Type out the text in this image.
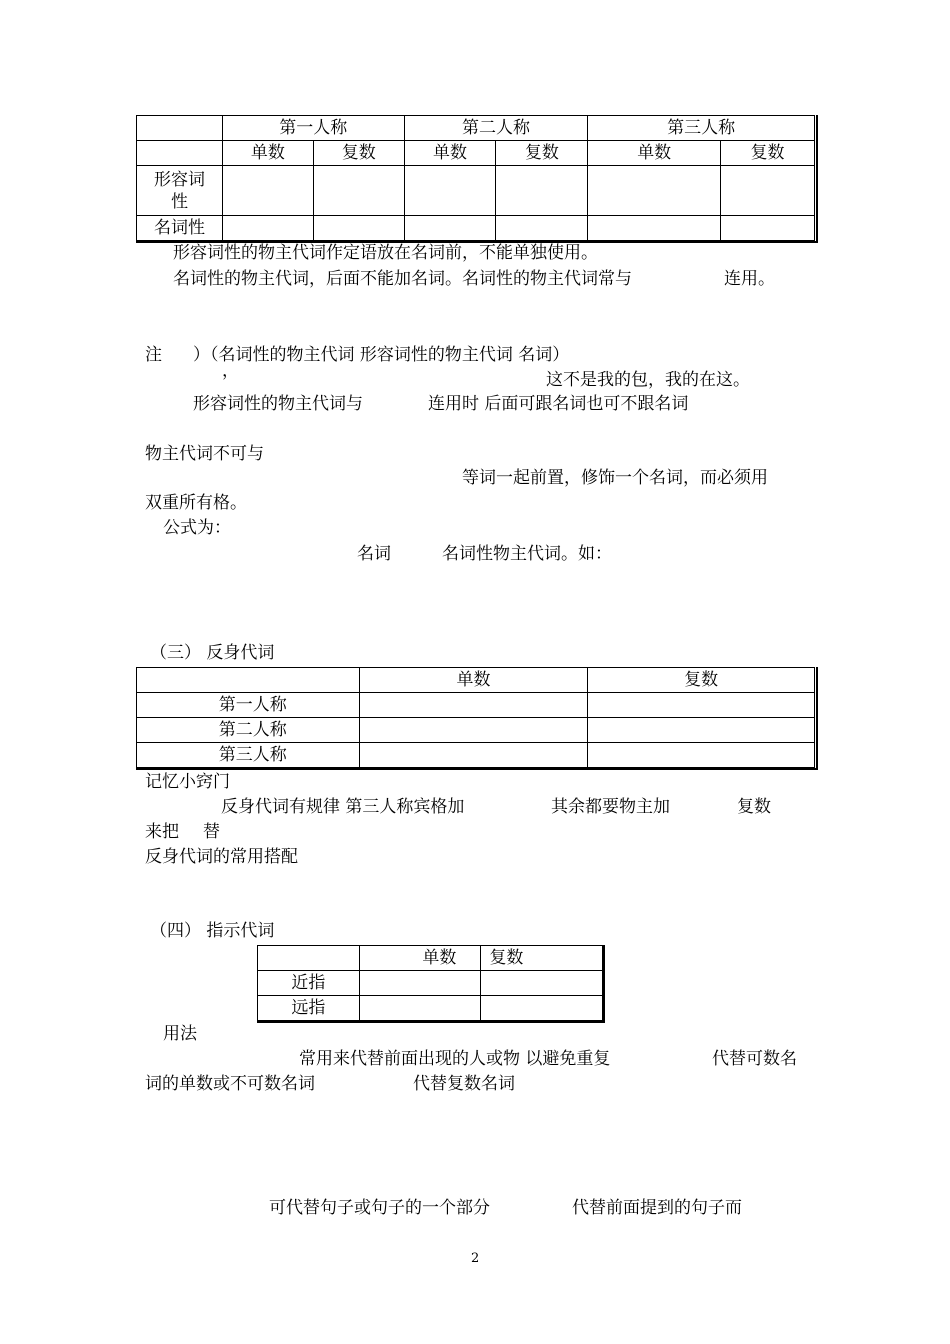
	第一人称		第二人称		第三人称	
	单数	复数	单数	复数	单数	复数

形容词性						

名词性						
形容词性的物主代词作定语放在名词前，不能单独使用。
名词性的物主代词，后面不能加名词。名词性的物主代词常与	连用。
注 ）（名词性的物主代词 形容词性的物主代词 名词）
，	这不是我的包，我的在这。
形容词性的物主代词与	连用时 后面可跟名词也可不跟名词
物主代词不可与
等词一起前置，修饰一个名词，而必须用
双重所有格。
公式为：
名词	名词性物主代词。如：
（三） 反身代词
	单数	复数
第一人称		
第二人称		
第三人称		
记忆小窍门
反身代词有规律 第三人称宾格加	其余都要物主加	复数
来把 替
反身代词的常用搭配
（四） 指示代词
	单数	复数
近指		
远指		
用法
常用来代替前面出现的人或物 以避免重复	代替可数名
词的单数或不可数名词	代替复数名词
可代替句子或句子的一个部分	代替前面提到的句子而
2
